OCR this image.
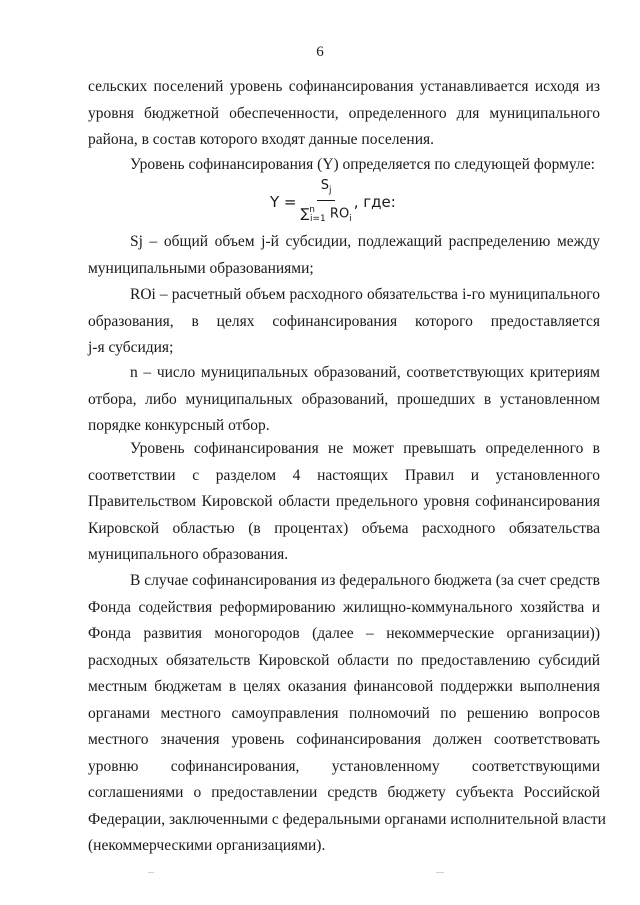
6
сельских поселений уровень софинансирования устанавливается исходя из
уровня бюджетной обеспеченности, определенного для муниципального
района, в состав которого входят данные поселения.
Уровень софинансирования (Y) определяется по следующей формуле:
$Y = \frac{S_j}{\sum^n_{i=1} RO_i}$ , где:
Sj – общий объем j-й субсидии, подлежащий распределению между
муниципальными образованиями;
ROi – расчетный объем расходного обязательства i-го муниципального
образования, в целях софинансирования которого предоставляется
j-я субсидия;
n – число муниципальных образований, соответствующих критериям
отбора, либо муниципальных образований, прошедших в установленном
порядке конкурсный отбор.
Уровень софинансирования не может превышать определенного в
соответствии с разделом 4 настоящих Правил и установленного
Правительством Кировской области предельного уровня софинансирования
Кировской областью (в процентах) объема расходного обязательства
муниципального образования.
В случае софинансирования из федерального бюджета (за счет средств
Фонда содействия реформированию жилищно-коммунального хозяйства и
Фонда развития моногородов (далее – некоммерческие организации))
расходных обязательств Кировской области по предоставлению субсидий
местным бюджетам в целях оказания финансовой поддержки выполнения
органами местного самоуправления полномочий по решению вопросов
местного значения уровень софинансирования должен соответствовать
уровню софинансирования, установленному соответствующими
соглашениями о предоставлении средств бюджету субъекта Российской
Федерации, заключенными с федеральными органами исполнительной власти
(некоммерческими организациями).
...	....
